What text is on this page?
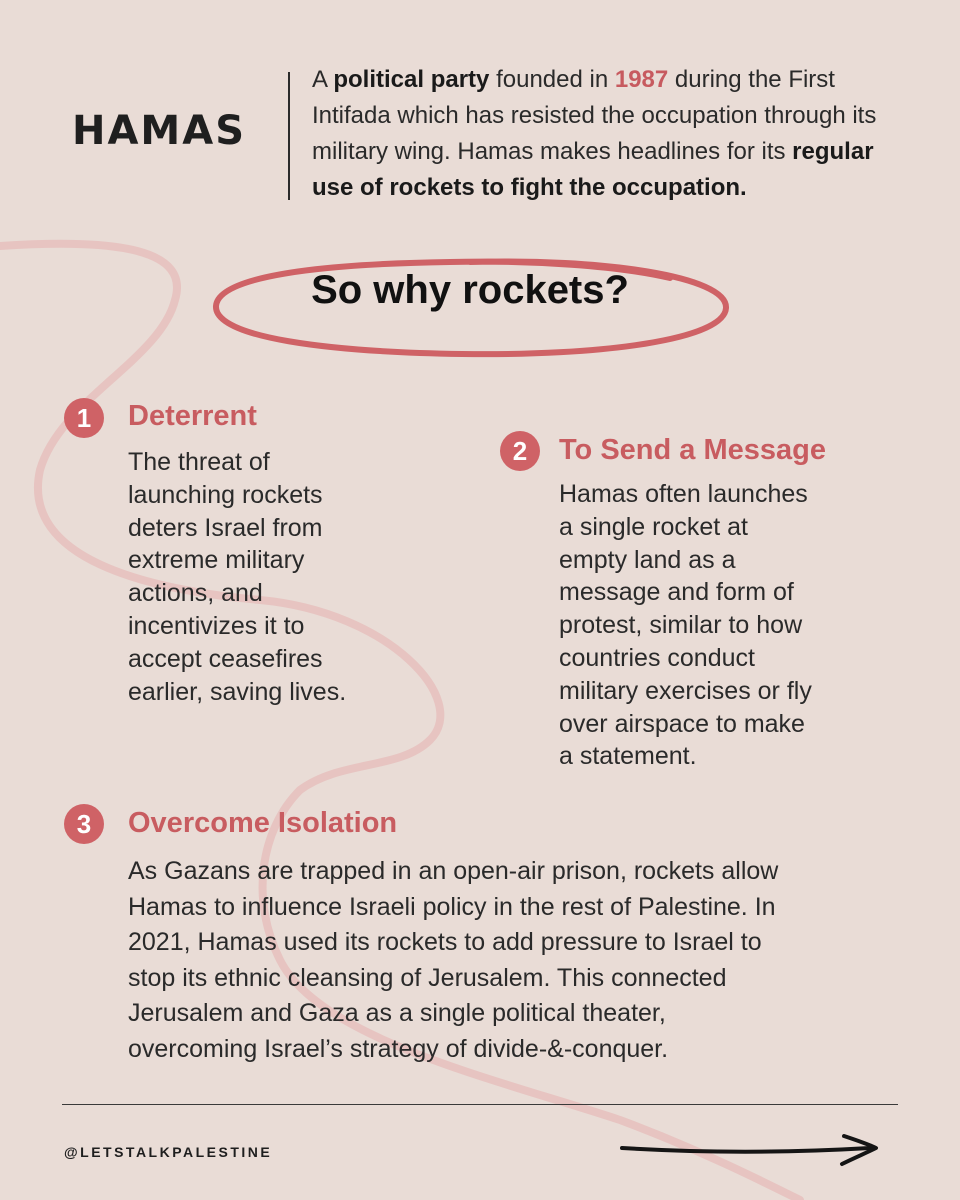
HAMAS
A political party founded in 1987 during the First Intifada which has resisted the occupation through its military wing. Hamas makes headlines for its regular use of rockets to fight the occupation.
So why rockets?
1	Deterrent
The threat of
launching rockets
deters Israel from
extreme military
actions, and
incentivizes it to
accept ceasefires
earlier, saving lives.
2	To Send a Message
Hamas often launches
a single rocket at
empty land as a
message and form of
protest, similar to how
countries conduct
military exercises or fly
over airspace to make
a statement.
3	Overcome Isolation
As Gazans are trapped in an open-air prison, rockets allow
Hamas to influence Israeli policy in the rest of Palestine. In
2021, Hamas used its rockets to add pressure to Israel to
stop its ethnic cleansing of Jerusalem. This connected
Jerusalem and Gaza as a single political theater,
overcoming Israel’s strategy of divide-&-conquer.
@LETSTALKPALESTINE
